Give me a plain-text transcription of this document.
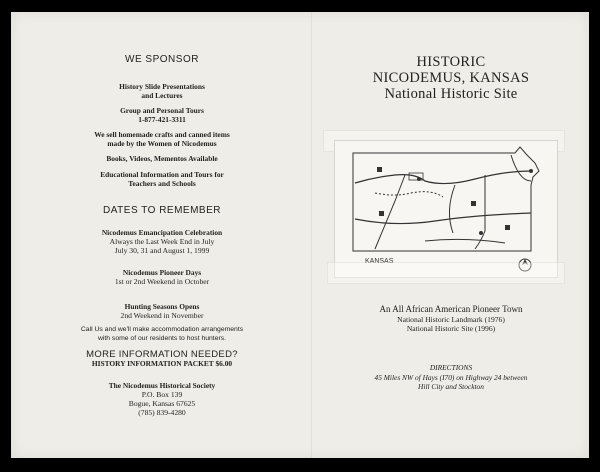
WE SPONSOR
History Slide Presentations
and Lectures
Group and Personal Tours
1-877-421-3311
We sell homemade crafts and canned items
made by the Women of Nicodemus
Books, Videos, Mementos Available
Educational Information and Tours for
Teachers and Schools
DATES TO REMEMBER
Nicodemus Emancipation Celebration
Always the Last Week End in July
July 30, 31 and August 1, 1999
Nicodemus Pioneer Days
1st or 2nd Weekend in October
Hunting Seasons Opens
2nd Weekend in November
Call Us and we'll make accommodation arrangements
with some of our residents to host hunters.
MORE INFORMATION NEEDED?
HISTORY INFORMATION PACKET $6.00
The Nicodemus Historical Society
P.O. Box 139
Bogue, Kansas 67625
(785) 839-4280
HISTORIC
NICODEMUS, KANSAS
National Historic Site
An All African American Pioneer Town
National Historic Landmark (1976)
National Historic Site (1996)
DIRECTIONS
45 Miles NW of Hays (I70) on Highway 24 between
Hill City and Stockton
KANSAS
